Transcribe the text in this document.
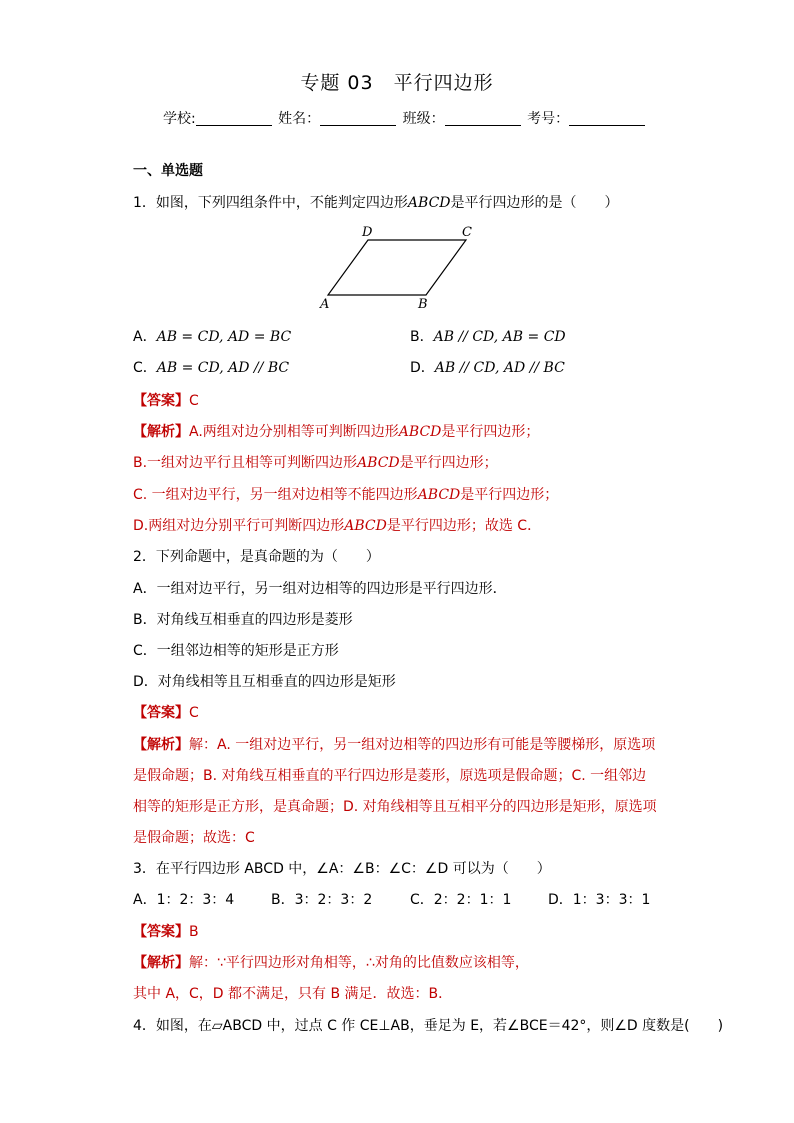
专题 03　平行四边形
学校:	姓名：	班级：	考号：
一、单选题
1．如图，下列四组条件中，不能判定四边形ABCD是平行四边形的是（　　）
A	B
C
D
A．AB = CD, AD = BC	B．AB // CD, AB = CD
C．AB = CD, AD // BC	D．AB // CD, AD // BC
【答案】C
【解析】A.两组对边分别相等可判断四边形ABCD是平行四边形；
B.一组对边平行且相等可判断四边形ABCD是平行四边形；
C. 一组对边平行，另一组对边相等不能四边形ABCD是平行四边形；
D.两组对边分别平行可判断四边形ABCD是平行四边形；故选 C．
2．下列命题中，是真命题的为（　　）
A．一组对边平行，另一组对边相等的四边形是平行四边形．
B．对角线互相垂直的四边形是菱形
C．一组邻边相等的矩形是正方形
D．对角线相等且互相垂直的四边形是矩形
【答案】C
【解析】解：A. 一组对边平行，另一组对边相等的四边形有可能是等腰梯形，原选项
是假命题；B. 对角线互相垂直的平行四边形是菱形，原选项是假命题；C. 一组邻边
相等的矩形是正方形，是真命题；D. 对角线相等且互相平分的四边形是矩形，原选项
是假命题；故选：C
3．在平行四边形 ABCD 中，∠A：∠B：∠C：∠D 可以为（　　）
A．1：2：3：4	B．3：2：3：2	C．2：2：1：1	D．1：3：3：1
【答案】B
【解析】解：∵平行四边形对角相等，∴对角的比值数应该相等，
其中 A，C，D 都不满足，只有 B 满足．故选：B．
4．如图，在▱ABCD 中，过点 C 作 CE⊥AB，垂足为 E，若∠BCE＝42°，则∠D 度数是(　　)
